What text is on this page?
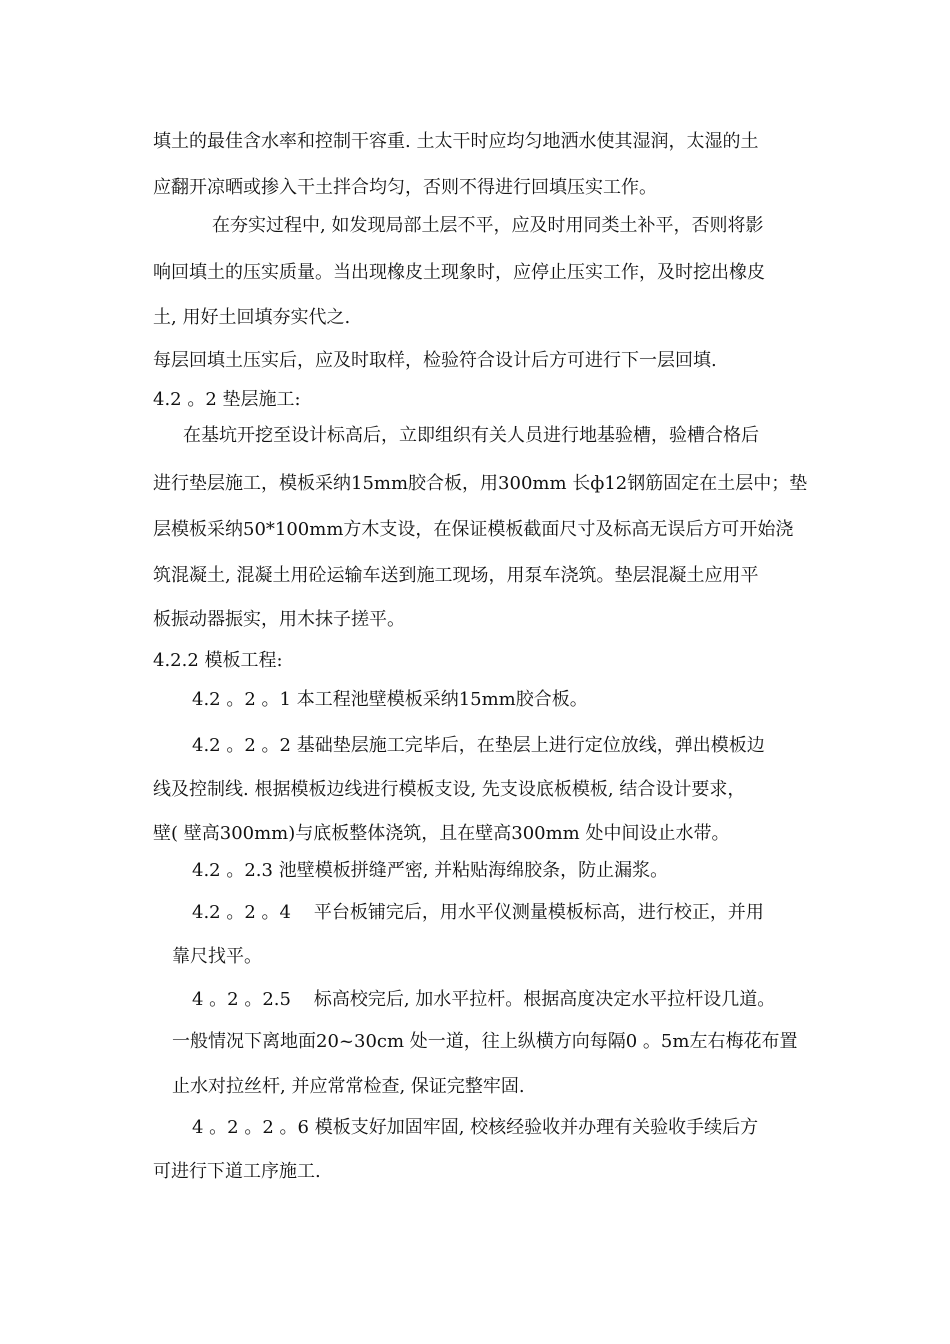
填土的最佳含水率和控制干容重. 土太干时应均匀地洒水使其湿润，太湿的土
应翻开凉晒或掺入干土拌合均匀，否则不得进行回填压实工作。
在夯实过程中, 如发现局部土层不平，应及时用同类土补平，否则将影
响回填土的压实质量。当出现橡皮土现象时，应停止压实工作，及时挖出橡皮
土, 用好土回填夯实代之.
每层回填土压实后，应及时取样，检验符合设计后方可进行下一层回填.
4.2 。2 垫层施工:
在基坑开挖至设计标高后，立即组织有关人员进行地基验槽，验槽合格后
进行垫层施工，模板采纳15mm胶合板，用300mm 长ф12钢筋固定在土层中；垫
层模板采纳50*100mm方木支设，在保证模板截面尺寸及标高无误后方可开始浇
筑混凝土, 混凝土用砼运输车送到施工现场，用泵车浇筑。垫层混凝土应用平
板振动器振实，用木抹子搓平。
4.2.2 模板工程:
4.2 。2 。1 本工程池壁模板采纳15mm胶合板。
4.2 。2 。2 基础垫层施工完毕后，在垫层上进行定位放线，弹出模板边
线及控制线. 根据模板边线进行模板支设, 先支设底板模板, 结合设计要求，
壁( 壁高300mm)与底板整体浇筑，且在壁高300mm 处中间设止水带。
4.2 。2.3 池壁模板拼缝严密, 并粘贴海绵胶条，防止漏浆。
4.2 。2 。4    平台板铺完后，用水平仪测量模板标高，进行校正，并用
靠尺找平。
4 。2 。2.5    标高校完后, 加水平拉杆。根据高度决定水平拉杆设几道。
一般情况下离地面20~30cm 处一道，往上纵横方向每隔0 。5m左右梅花布置
止水对拉丝杆, 并应常常检查, 保证完整牢固.
4 。2 。2 。6 模板支好加固牢固, 校核经验收并办理有关验收手续后方
可进行下道工序施工.
